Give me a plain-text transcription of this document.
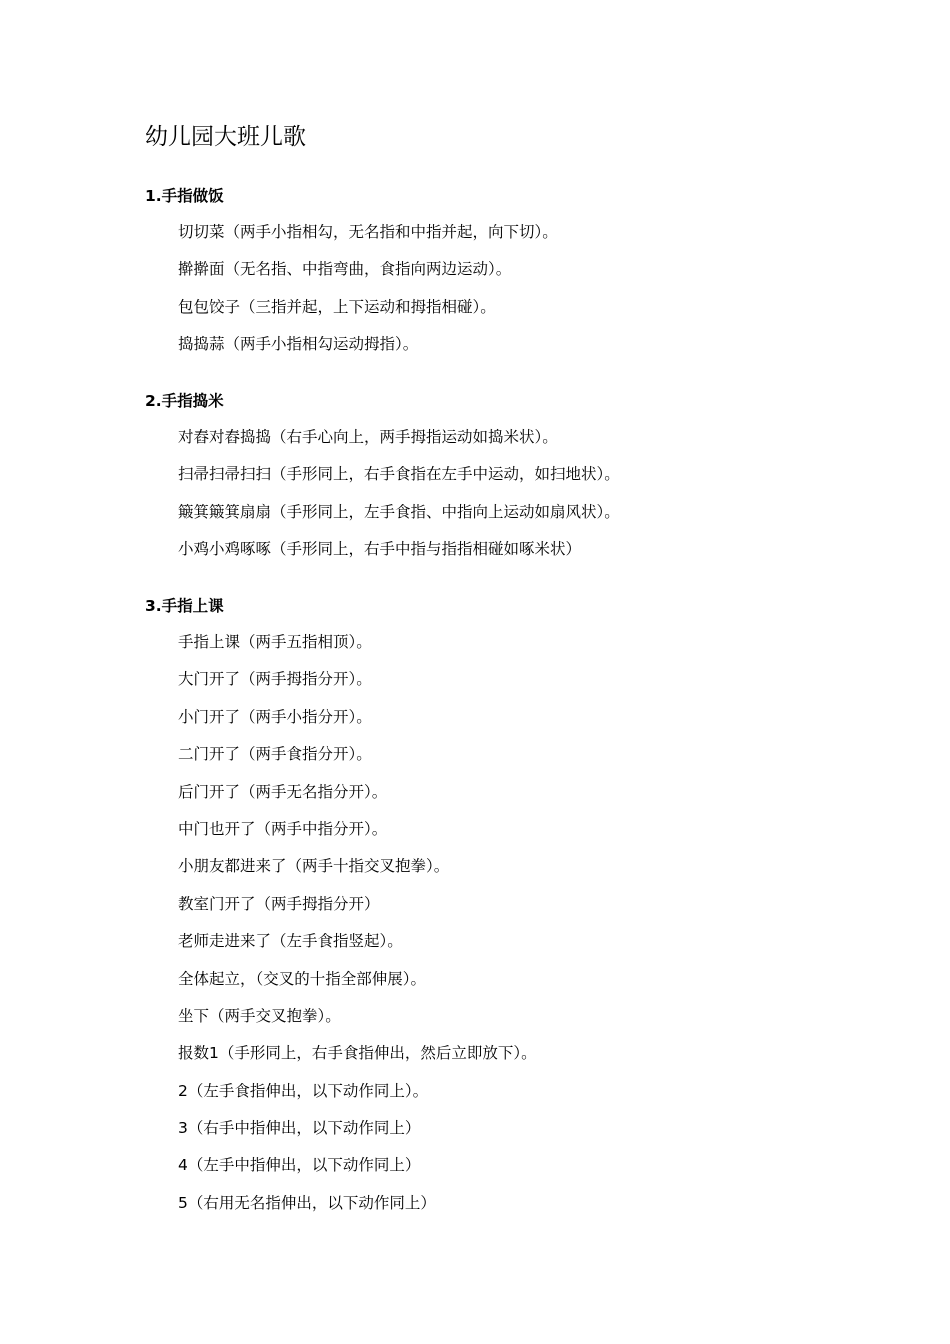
幼儿园大班儿歌
1.手指做饭
切切菜（两手小指相勾，无名指和中指并起，向下切）。
擀擀面（无名指、中指弯曲，食指向两边运动）。
包包饺子（三指并起，上下运动和拇指相碰）。
捣捣蒜（两手小指相勾运动拇指）。
2.手指捣米
对舂对舂捣捣（右手心向上，两手拇指运动如捣米状）。
扫帚扫帚扫扫（手形同上，右手食指在左手中运动，如扫地状）。
簸箕簸箕扇扇（手形同上，左手食指、中指向上运动如扇风状）。
小鸡小鸡啄啄（手形同上，右手中指与指指相碰如啄米状）
3.手指上课
手指上课（两手五指相顶）。
大门开了（两手拇指分开）。
小门开了（两手小指分开）。
二门开了（两手食指分开）。
后门开了（两手无名指分开）。
中门也开了（两手中指分开）。
小朋友都进来了（两手十指交叉抱拳）。
教室门开了（两手拇指分开）
老师走进来了（左手食指竖起）。
全体起立，（交叉的十指全部伸展）。
坐下（两手交叉抱拳）。
报数1（手形同上，右手食指伸出，然后立即放下）。
2（左手食指伸出，以下动作同上）。
3（右手中指伸出，以下动作同上）
4（左手中指伸出，以下动作同上）
5（右用无名指伸出，以下动作同上）
